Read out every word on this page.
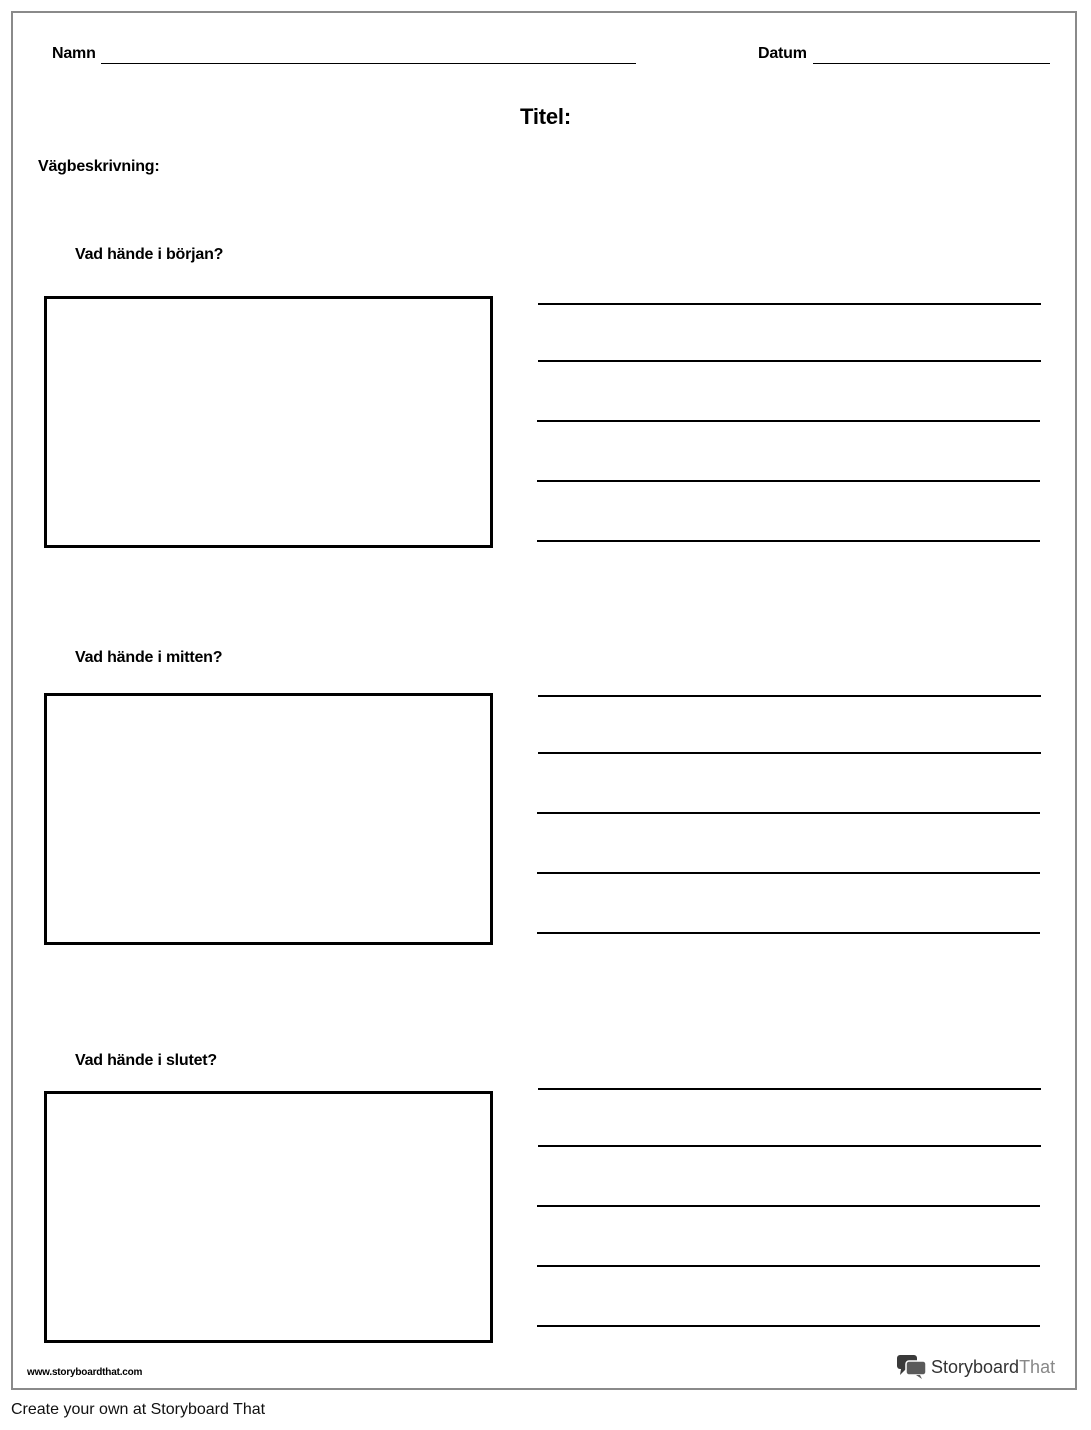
Namn	Datum
Titel:
Vägbeskrivning:
Vad hände i början?
Vad hände i mitten?
Vad hände i slutet?
www.storyboardthat.com	StoryboardThat
Create your own at Storyboard That
